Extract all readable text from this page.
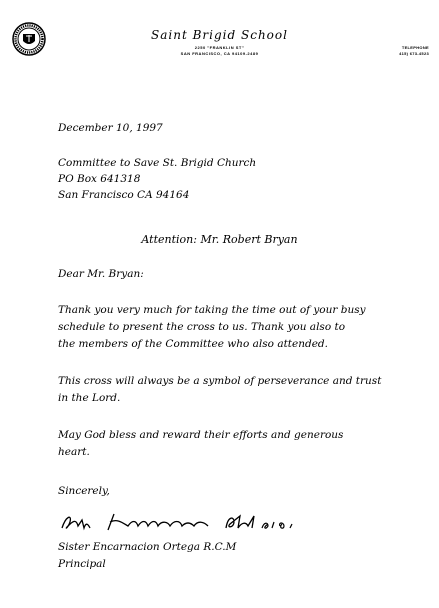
Saint Brigid School
2250 "FRANKLIN ST"
SAN FRANCISCO, CA 94109-2489
TELEPHONE
415) 673-4523
December 10, 1997
Committee to Save St. Brigid Church
PO Box 641318
San Francisco CA 94164
Attention: Mr. Robert Bryan
Dear Mr. Bryan:
Thank you very much for taking the time out of your busy
schedule to present the cross to us. Thank you also to
the members of the Committee who also attended.
This cross will always be a symbol of perseverance and trust
in the Lord.
May God bless and reward their efforts and generous
heart.
Sincerely,
Sister Encarnacion Ortega R.C.M
Principal
